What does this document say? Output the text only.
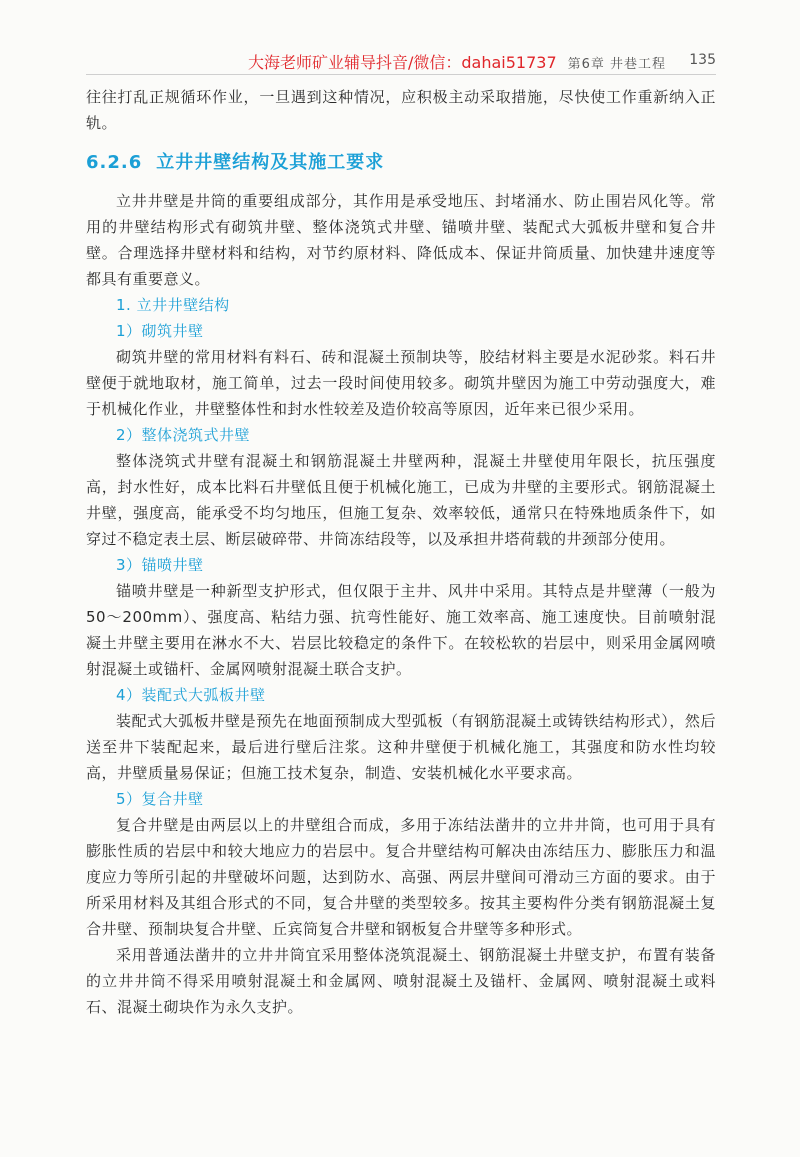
大海老师矿业辅导抖音/微信：dahai51737 第6章 井巷工程 135

往往打乱正规循环作业，一旦遇到这种情况，应积极主动采取措施，尽快使工作重新纳入正轨。

6.2.6 立井井壁结构及其施工要求

立井井壁是井筒的重要组成部分，其作用是承受地压、封堵涌水、防止围岩风化等。常用的井壁结构形式有砌筑井壁、整体浇筑式井壁、锚喷井壁、装配式大弧板井壁和复合井壁。合理选择井壁材料和结构，对节约原材料、降低成本、保证井筒质量、加快建井速度等都具有重要意义。

1. 立井井壁结构
1）砌筑井壁

砌筑井壁的常用材料有料石、砖和混凝土预制块等，胶结材料主要是水泥砂浆。料石井壁便于就地取材，施工简单，过去一段时间使用较多。砌筑井壁因为施工中劳动强度大，难于机械化作业，井壁整体性和封水性较差及造价较高等原因，近年来已很少采用。

2）整体浇筑式井壁

整体浇筑式井壁有混凝土和钢筋混凝土井壁两种，混凝土井壁使用年限长，抗压强度高，封水性好，成本比料石井壁低且便于机械化施工，已成为井壁的主要形式。钢筋混凝土井壁，强度高，能承受不均匀地压，但施工复杂、效率较低，通常只在特殊地质条件下，如穿过不稳定表土层、断层破碎带、井筒冻结段等，以及承担井塔荷载的井颈部分使用。

3）锚喷井壁

锚喷井壁是一种新型支护形式，但仅限于主井、风井中采用。其特点是井壁薄（一般为50～200mm）、强度高、粘结力强、抗弯性能好、施工效率高、施工速度快。目前喷射混凝土井壁主要用在淋水不大、岩层比较稳定的条件下。在较松软的岩层中，则采用金属网喷射混凝土或锚杆、金属网喷射混凝土联合支护。

4）装配式大弧板井壁

装配式大弧板井壁是预先在地面预制成大型弧板（有钢筋混凝土或铸铁结构形式），然后送至井下装配起来，最后进行壁后注浆。这种井壁便于机械化施工，其强度和防水性均较高，井壁质量易保证；但施工技术复杂，制造、安装机械化水平要求高。

5）复合井壁

复合井壁是由两层以上的井壁组合而成，多用于冻结法凿井的立井井筒，也可用于具有膨胀性质的岩层中和较大地应力的岩层中。复合井壁结构可解决由冻结压力、膨胀压力和温度应力等所引起的井壁破坏问题，达到防水、高强、两层井壁间可滑动三方面的要求。由于所采用材料及其组合形式的不同，复合井壁的类型较多。按其主要构件分类有钢筋混凝土复合井壁、预制块复合井壁、丘宾筒复合井壁和钢板复合井壁等多种形式。

采用普通法凿井的立井井筒宜采用整体浇筑混凝土、钢筋混凝土井壁支护，布置有装备的立井井筒不得采用喷射混凝土和金属网、喷射混凝土及锚杆、金属网、喷射混凝土或料石、混凝土砌块作为永久支护。
